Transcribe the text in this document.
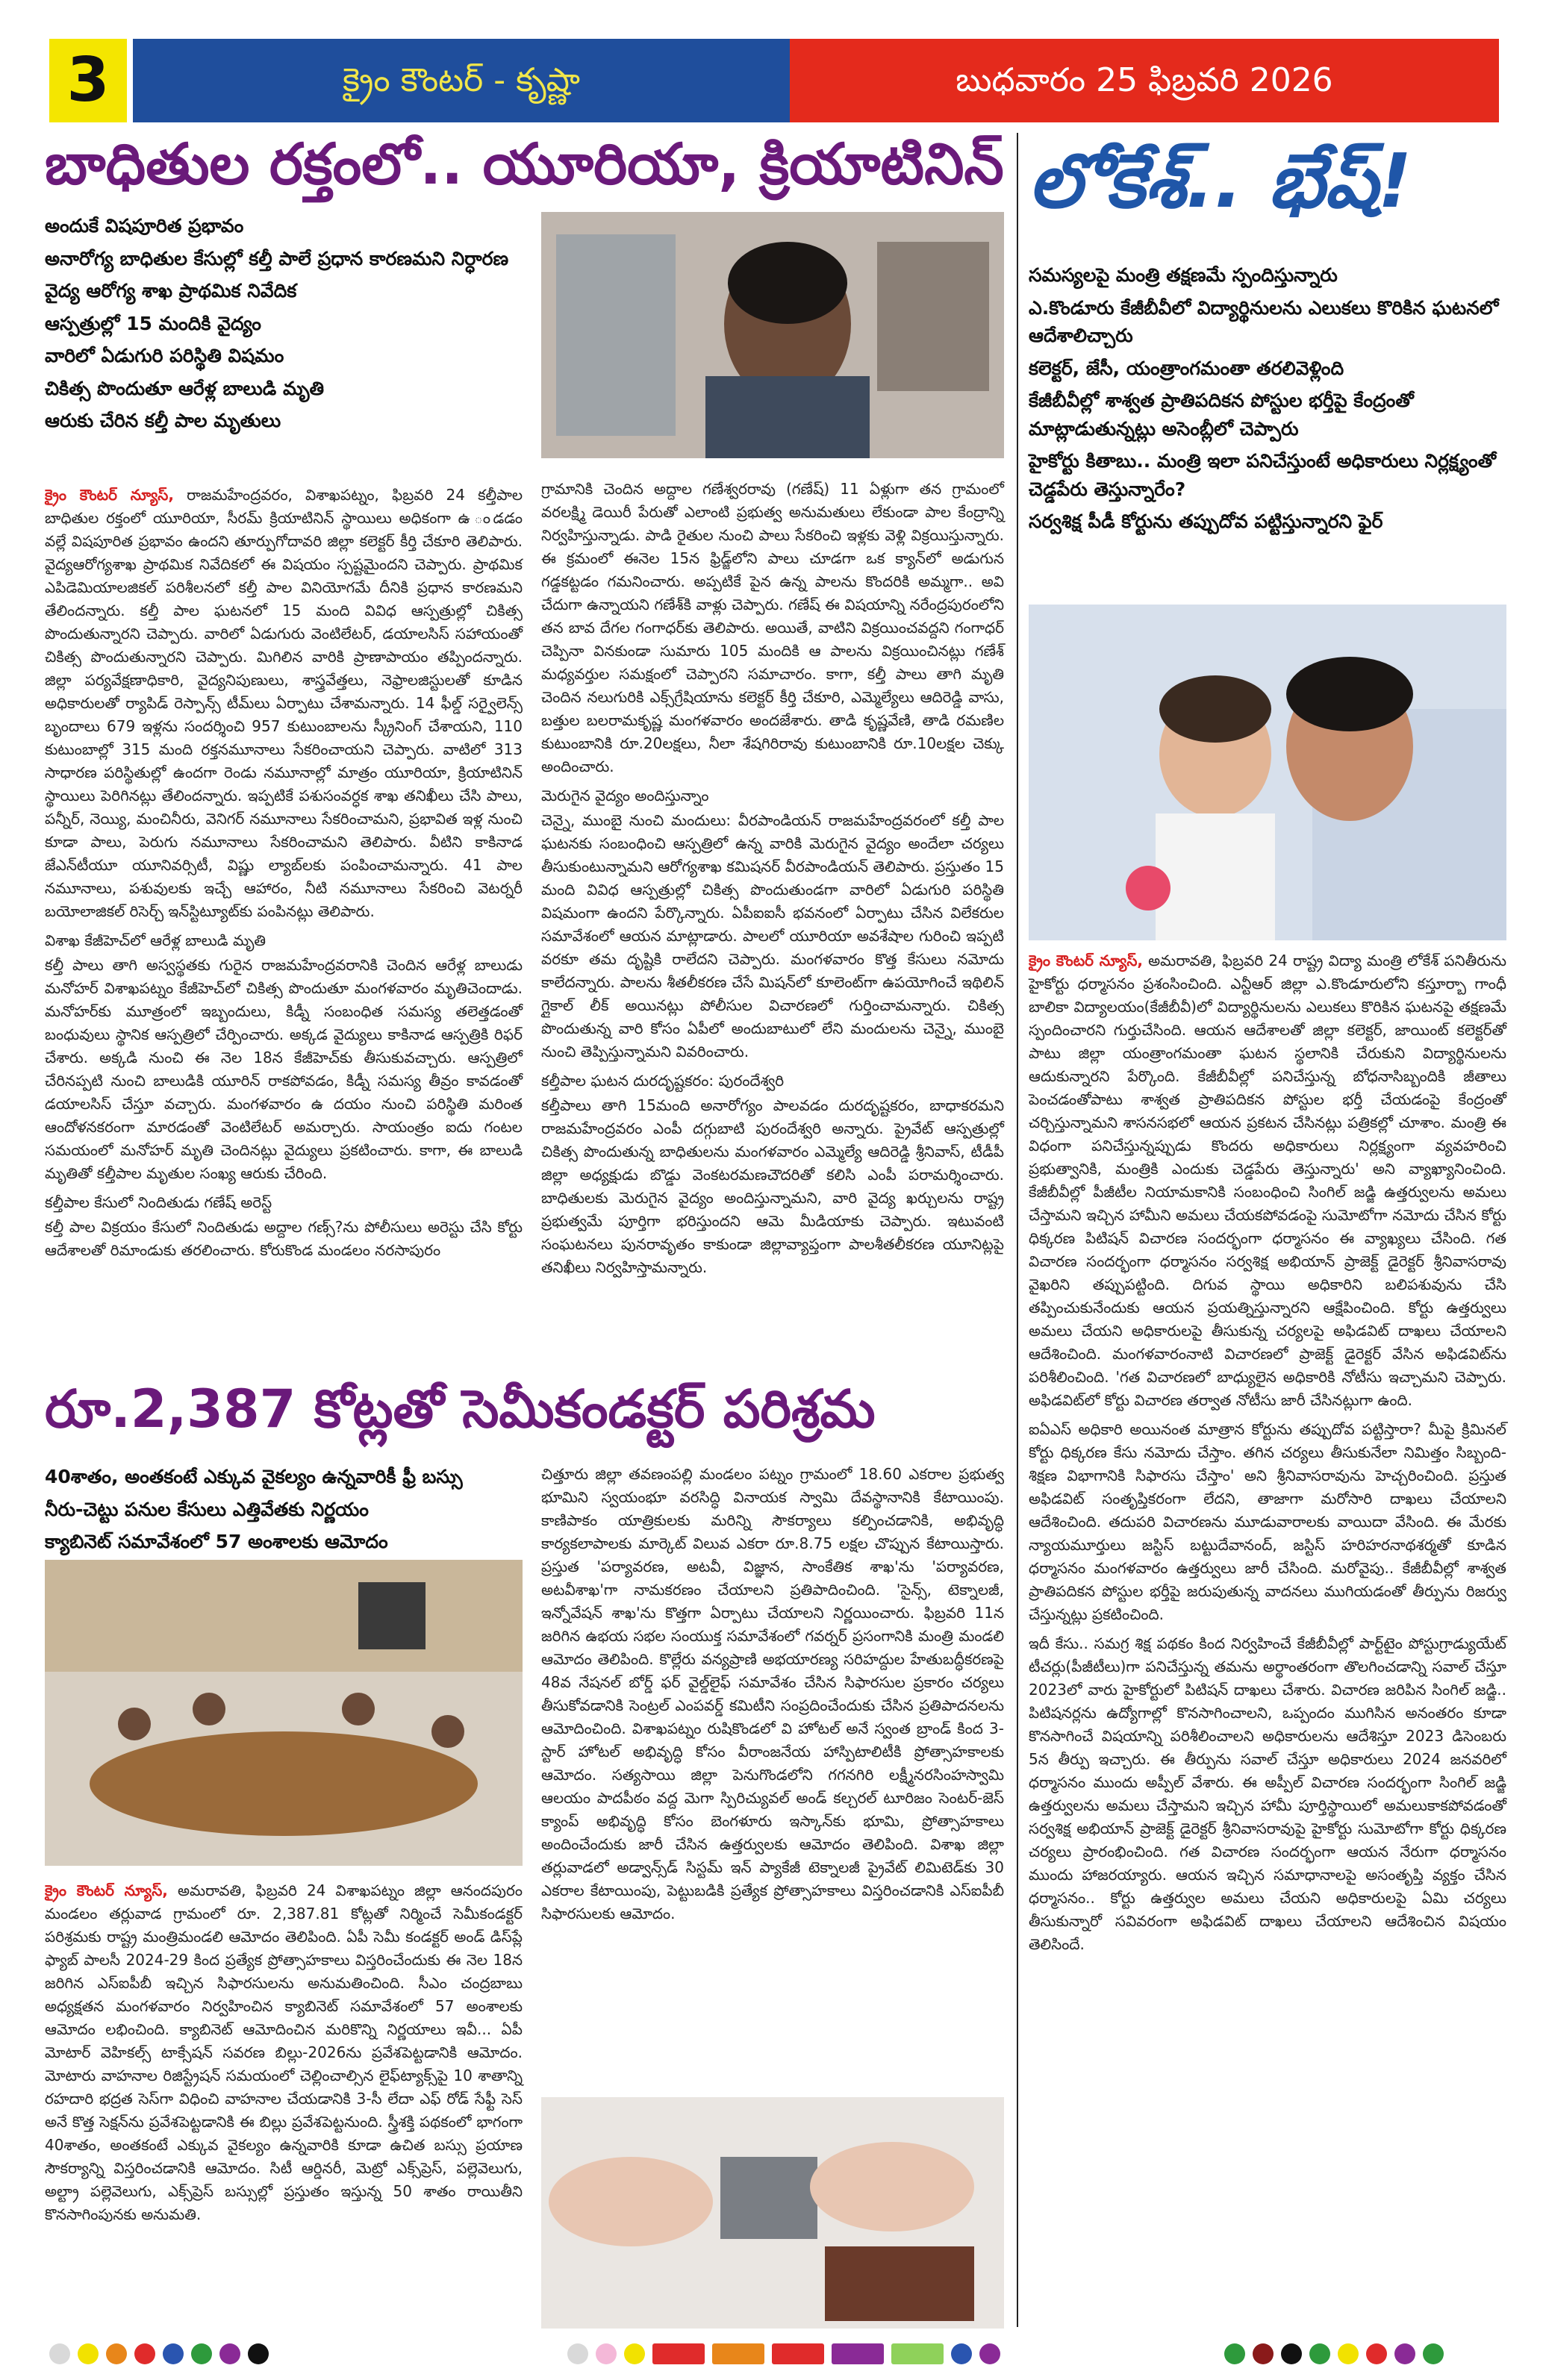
3	క్రైం కౌంటర్ - కృష్ణా	బుధవారం 25 ఫిబ్రవరి 2026
బాధితుల రక్తంలో.. యూరియా, క్రియాటినిన్
అందుకే విషపూరిత ప్రభావం
అనారోగ్య బాధితుల కేసుల్లో కల్తీ పాలే ప్రధాన కారణమని నిర్ధారణ
వైద్య ఆరోగ్య శాఖ ప్రాథమిక నివేదిక
ఆస్పత్రుల్లో 15 మందికి వైద్యం
వారిలో ఏడుగురి పరిస్థితి విషమం
చికిత్స పొందుతూ ఆరేళ్ల బాలుడి మృతి
ఆరుకు చేరిన కల్తీ పాల మృతులు

క్రైం కౌంటర్ న్యూస్, రాజమహేంద్రవరం, విశాఖపట్నం, ఫిబ్రవరి 24 కల్తీపాల బాధితుల రక్తంలో యూరియా, సీరమ్ క్రియాటినిన్ స్థాయిలు అధికంగా ఉ ండడం వల్లే విషపూరిత ప్రభావం ఉందని తూర్పుగోదావరి జిల్లా కలెక్టర్ కీర్తి చేకూరి తెలిపారు. వైద్యఆరోగ్యశాఖ ప్రాథమిక నివేదికలో ఈ విషయం స్పష్టమైందని చెప్పారు. ప్రాథమిక ఎపిడెమియాలజికల్ పరిశీలనలో కల్తీ పాల వినియోగమే దీనికి ప్రధాన కారణమని తేలిందన్నారు. కల్తీ పాల ఘటనలో 15 మంది వివిధ ఆస్పత్రుల్లో చికిత్స పొందుతున్నారని చెప్పారు. వారిలో ఏడుగురు వెంటిలేటర్, డయాలసిస్ సహాయంతో చికిత్స పొందుతున్నారని చెప్పారు. మిగిలిన వారికి ప్రాణాపాయం తప్పిందన్నారు. జిల్లా పర్యవేక్షణాధికారి, వైద్యనిపుణులు, శాస్త్రవేత్తలు, నెఫ్రాలజిస్టులతో కూడిన అధికారులతో ర్యాపిడ్ రెస్పాన్స్ టీమ్‌లు ఏర్పాటు చేశామన్నారు. 14 ఫీల్డ్ సర్వైలెన్స్ బృందాలు 679 ఇళ్లను సందర్శించి 957 కుటుంబాలను స్క్రీనింగ్ చేశాయని, 110 కుటుంబాల్లో 315 మంది రక్తనమూనాలు సేకరించాయని చెప్పారు. వాటిలో 313 సాధారణ పరిస్థితుల్లో ఉందగా రెండు నమూనాల్లో మాత్రం యూరియా, క్రియాటినిన్ స్థాయిలు పెరిగినట్లు తేలిందన్నారు. ఇప్పటికే పశుసంవర్ధక శాఖ తనిఖీలు చేసి పాలు, పన్నీర్, నెయ్యి, మంచినీరు, వెనిగర్ నమూనాలు సేకరించామని, ప్రభావిత ఇళ్ల నుంచి కూడా పాలు, పెరుగు నమూనాలు సేకరించామని తెలిపారు. వీటిని కాకినాడ జేఎన్‌టీయూ యూనివర్సిటీ, విష్ణు ల్యాబ్‌లకు పంపించామన్నారు. 41 పాల నమూనాలు, పశువులకు ఇచ్చే ఆహారం, నీటి నమూనాలు సేకరించి వెటర్నరీ బయోలాజికల్ రిసెర్చ్ ఇన్‌స్టిట్యూట్‌కు పంపినట్లు తెలిపారు.

విశాఖ కేజీహెచ్‌లో ఆరేళ్ల బాలుడి మృతి

కల్తీ పాలు తాగి అస్వస్థతకు గురైన రాజమహేంద్రవరానికి చెందిన ఆరేళ్ల బాలుడు మనోహర్ విశాఖపట్నం కేజీహెచ్‌లో చికిత్స పొందుతూ మంగళవారం మృతిచెందాడు. మనోహర్‌కు మూత్రంలో ఇబ్బందులు, కిడ్నీ సంబంధిత సమస్య తలెత్తడంతో బంధువులు స్థానిక ఆస్పత్రిలో చేర్పించారు. అక్కడ వైద్యులు కాకినాడ ఆస్పత్రికి రిఫర్ చేశారు. అక్కడి నుంచి ఈ నెల 18న కేజీహెచ్‌కు తీసుకువచ్చారు. ఆస్పత్రిలో చేరినప్పటి నుంచి బాలుడికి యూరిన్ రాకపోవడం, కిడ్నీ సమస్య తీవ్రం కావడంతో డయాలసిస్ చేస్తూ వచ్చారు. మంగళవారం ఉ దయం నుంచి పరిస్థితి మరింత ఆందోళనకరంగా మారడంతో వెంటిలేటర్ అమర్చారు. సాయంత్రం ఐదు గంటల సమయంలో మనోహర్ మృతి చెందినట్లు వైద్యులు ప్రకటించారు. కాగా, ఈ బాలుడి మృతితో కల్తీపాల మృతుల సంఖ్య ఆరుకు చేరింది.

కల్తీపాల కేసులో నిందితుడు గణేష్ అరెస్ట్

కల్తీ పాల విక్రయం కేసులో నిందితుడు అద్దాల గణ్స్?ను పోలీసులు అరెస్టు చేసి కోర్టు ఆదేశాలతో రిమాండుకు తరలించారు. కోరుకొండ మండలం నరసాపురం

గ్రామానికి చెందిన అద్దాల గణేశ్వరరావు (గణేష్) 11 ఏళ్లుగా తన గ్రామంలో వరలక్ష్మి డెయిరీ పేరుతో ఎలాంటి ప్రభుత్వ అనుమతులు లేకుండా పాల కేంద్రాన్ని నిర్వహిస్తున్నాడు. పాడి రైతుల నుంచి పాలు సేకరించి ఇళ్లకు వెళ్లి విక్రయిస్తున్నారు. ఈ క్రమంలో ఈనెల 15న ఫ్రిడ్జ్‌లోని పాలు చూడగా ఒక క్యాన్‌లో అడుగున గడ్డకట్టడం గమనించారు. అప్పటికే పైన ఉన్న పాలను కొందరికి అమ్మగా.. అవి చేదుగా ఉన్నాయని గణేశ్‌కి వాళ్లు చెప్పారు. గణేష్ ఈ విషయాన్ని నరేంద్రపురంలోని తన బావ దేగల గంగాధర్‌కు తెలిపారు. అయితే, వాటిని విక్రయించవద్దని గంగాధర్ చెప్పినా వినకుండా సుమారు 105 మందికి ఆ పాలను విక్రయించినట్లు గణేశ్ మధ్యవర్తుల సమక్షంలో చెప్పారని సమాచారం. కాగా, కల్తీ పాలు తాగి మృతి చెందిన నలుగురికి ఎక్స్‌గ్రేషియాను కలెక్టర్ కీర్తి చేకూరి, ఎమ్మెల్యేలు ఆదిరెడ్డి వాసు, బత్తుల బలరామకృష్ణ మంగళవారం అందజేశారు. తాడి కృష్ణవేణి, తాడి రమణిల కుటుంబానికి రూ.20లక్షలు, నీలా శేషగిరిరావు కుటుంబానికి రూ.10లక్షల చెక్కు అందించారు.

మెరుగైన వైద్యం అందిస్తున్నాం

చెన్నై, ముంబై నుంచి మందులు: వీరపాండియన్ రాజమహేంద్రవరంలో కల్తీ పాల ఘటనకు సంబంధించి ఆస్పత్రిలో ఉన్న వారికి మెరుగైన వైద్యం అందేలా చర్యలు తీసుకుంటున్నామని ఆరోగ్యశాఖ కమిషనర్ వీరపాండియన్ తెలిపారు. ప్రస్తుతం 15 మంది వివిధ ఆస్పత్రుల్లో చికిత్స పొందుతుండగా వారిలో ఏడుగురి పరిస్థితి విషమంగా ఉందని పేర్కొన్నారు. ఏపీఐఐసీ భవనంలో ఏర్పాటు చేసిన విలేకరుల సమావేశంలో ఆయన మాట్లాడారు. పాలలో యూరియా అవశేషాల గురించి ఇప్పటి వరకూ తమ దృష్టికి రాలేదని చెప్పారు. మంగళవారం కొత్త కేసులు నమోదు కాలేదన్నారు. పాలను శీతలీకరణ చేసే మిషన్‌లో కూలెంట్‌గా ఉపయోగించే ఇథిలిన్ గ్లైకాల్ లీక్ అయినట్లు పోలీసుల విచారణలో గుర్తించామన్నారు. చికిత్స పొందుతున్న వారి కోసం ఏపీలో అందుబాటులో లేని మందులను చెన్నై, ముంబై నుంచి తెప్పిస్తున్నామని వివరించారు.

కల్తీపాల ఘటన దురదృష్టకరం: పురందేశ్వరి

కల్తీపాలు తాగి 15మంది అనారోగ్యం పాలవడం దురదృష్టకరం, బాధాకరమని రాజమహేంద్రవరం ఎంపీ దగ్గుబాటి పురందేశ్వరి అన్నారు. ప్రైవేట్ ఆస్పత్రుల్లో చికిత్స పొందుతున్న బాధితులను మంగళవారం ఎమ్మెల్యే ఆదిరెడ్డి శ్రీనివాస్, టీడీపీ జిల్లా అధ్యక్షుడు బొడ్డు వెంకటరమణచౌదరితో కలిసి ఎంపీ పరామర్శించారు. బాధితులకు మెరుగైన వైద్యం అందిస్తున్నామని, వారి వైద్య ఖర్చులను రాష్ట్ర ప్రభుత్వమే పూర్తిగా భరిస్తుందని ఆమె మీడియాకు చెప్పారు. ఇటువంటి సంఘటనలు పునరావృతం కాకుండా జిల్లావ్యాప్తంగా పాలశీతలీకరణ యూనిట్లపై తనిఖీలు నిర్వహిస్తామన్నారు.

రూ.2,387 కోట్లతో సెమీకండక్టర్ పరిశ్రమ
40శాతం, అంతకంటే ఎక్కువ వైకల్యం ఉన్నవారికీ ఫ్రీ బస్సు
నీరు-చెట్టు పనుల కేసులు ఎత్తివేతకు నిర్ణయం
క్యాబినెట్ సమావేశంలో 57 అంశాలకు ఆమోదం

క్రైం కౌంటర్ న్యూస్, అమరావతి, ఫిబ్రవరి 24 విశాఖపట్నం జిల్లా ఆనందపురం మండలం తర్లువాడ గ్రామంలో రూ. 2,387.81 కోట్లతో నిర్మించే సెమీకండక్టర్ పరిశ్రమకు రాష్ట్ర మంత్రిమండలి ఆమోదం తెలిపింది. ఏపీ సెమీ కండక్టర్ అండ్ డిస్‌ప్లే ఫ్యాబ్ పాలసీ 2024-29 కింద ప్రత్యేక ప్రోత్సాహకాలు విస్తరించేందుకు ఈ నెల 18న జరిగిన ఎస్ఐపీబీ ఇచ్చిన సిఫారసులను అనుమతించింది. సీఎం చంద్రబాబు అధ్యక్షతన మంగళవారం నిర్వహించిన క్యాబినెట్ సమావేశంలో 57 అంశాలకు ఆమోదం లభించింది. క్యాబినెట్ ఆమోదించిన మరికొన్ని నిర్ణయాలు ఇవీ... ఏపీ మోటార్ వెహికల్స్ టాక్సేషన్ సవరణ బిల్లు-2026ను ప్రవేశపెట్టడానికి ఆమోదం. మోటారు వాహనాల రిజిస్ట్రేషన్ సమయంలో చెల్లించాల్సిన లైఫ్‌ట్యాక్స్‌పై 10 శాతాన్ని రహదారి భద్రత సెస్‌గా విధించి వాహనాల చేయడానికి 3-సీ లేదా ఎఫ్ రోడ్ సేఫ్టీ సెస్ అనే కొత్త సెక్షన్‌ను ప్రవేశపెట్టడానికి ఈ బిల్లు ప్రవేశపెట్టనుంది. స్త్రీశక్తి పథకంలో భాగంగా 40శాతం, అంతకంటే ఎక్కువ వైకల్యం ఉన్నవారికి కూడా ఉచిత బస్సు ప్రయాణ సౌకర్యాన్ని విస్తరించడానికి ఆమోదం. సిటీ ఆర్డినరీ, మెట్రో ఎక్స్‌ప్రెస్, పల్లెవెలుగు, అల్ట్రా పల్లెవెలుగు, ఎక్స్‌ప్రెస్ బస్సుల్లో ప్రస్తుతం ఇస్తున్న 50 శాతం రాయితీని కొనసాగింపునకు అనుమతి.

చిత్తూరు జిల్లా తవణంపల్లి మండలం పట్నం గ్రామంలో 18.60 ఎకరాల ప్రభుత్వ భూమిని స్వయంభూ వరసిద్ధి వినాయక స్వామి దేవస్థానానికి కేటాయింపు. కాణిపాకం యాత్రికులకు మరిన్ని సౌకర్యాలు కల్పించడానికి, అభివృద్ధి కార్యకలాపాలకు మార్కెట్ విలువ ఎకరా రూ.8.75 లక్షల చొప్పున కేటాయిస్తారు. ప్రస్తుత 'పర్యావరణ, అటవీ, విజ్ఞాన, సాంకేతిక శాఖ'ను 'పర్యావరణ, అటవీశాఖ'గా నామకరణం చేయాలని ప్రతిపాదించింది. 'సైన్స్, టెక్నాలజీ, ఇన్నోవేషన్ శాఖ'ను కొత్తగా ఏర్పాటు చేయాలని నిర్ణయించారు. ఫిబ్రవరి 11న జరిగిన ఉభయ సభల సంయుక్త సమావేశంలో గవర్నర్ ప్రసంగానికి మంత్రి మండలి ఆమోదం తెలిపింది. కొల్లేరు వన్యప్రాణి అభయారణ్య సరిహద్దుల హేతుబద్ధీకరణపై 48వ నేషనల్ బోర్డ్ ఫర్ వైల్డ్‌లైఫ్ సమావేశం చేసిన సిఫారసుల ప్రకారం చర్యలు తీసుకోవడానికి సెంట్రల్ ఎంపవర్డ్ కమిటీని సంప్రదించేందుకు చేసిన ప్రతిపాదనలను ఆమోదించింది. విశాఖపట్నం రుషికొండలో వి హోటల్ అనే స్వంత బ్రాండ్ కింద 3-స్టార్ హోటల్ అభివృద్ధి కోసం వీరాంజనేయ హాస్పిటాలిటీకి ప్రోత్సాహకాలకు ఆమోదం. సత్యసాయి జిల్లా పెనుగొండలోని గగనగిరి లక్ష్మీనరసింహస్వామి ఆలయం పాదపీఠం వద్ద మెగా స్పిరిచ్యువల్ అండ్ కల్చరల్ టూరిజం సెంటర్-జెస్ క్యాంప్ అభివృద్ధి కోసం బెంగళూరు ఇస్కాన్‌కు భూమి, ప్రోత్సాహకాలు అందించేందుకు జారీ చేసిన ఉత్తర్వులకు ఆమోదం తెలిపింది. విశాఖ జిల్లా తర్లువాడలో అడ్వాన్స్‌డ్ సిస్టమ్ ఇన్ ప్యాకేజీ టెక్నాలజీ ప్రైవేట్ లిమిటెడ్‌కు 30 ఎకరాల కేటాయింపు, పెట్టుబడికి ప్రత్యేక ప్రోత్సాహకాలు విస్తరించడానికి ఎస్ఐపీబీ సిఫారసులకు ఆమోదం.

లోకేశ్.. భేష్!
సమస్యలపై మంత్రి తక్షణమే స్పందిస్తున్నారు
ఎ.కొండూరు కేజీబీవీలో విద్యార్థినులను ఎలుకలు కొరికిన ఘటనలో ఆదేశాలిచ్చారు
కలెక్టర్, జేసీ, యంత్రాంగమంతా తరలివెళ్లింది
కేజీబీవీల్లో శాశ్వత ప్రాతిపదికన పోస్టుల భర్తీపై కేంద్రంతో మాట్లాడుతున్నట్లు అసెంబ్లీలో చెప్పారు
హైకోర్టు కితాబు.. మంత్రి ఇలా పనిచేస్తుంటే అధికారులు నిర్లక్ష్యంతో చెడ్డపేరు తెస్తున్నారేం?
సర్వశిక్ష పీడీ కోర్టును తప్పుదోవ పట్టిస్తున్నారని ఫైర్

క్రైం కౌంటర్ న్యూస్, అమరావతి, ఫిబ్రవరి 24 రాష్ట్ర విద్యా మంత్రి లోకేశ్ పనితీరును హైకోర్టు ధర్మాసనం ప్రశంసించింది. ఎన్టీఆర్ జిల్లా ఎ.కొండూరులోని కస్తూర్బా గాంధీ బాలికా విద్యాలయం(కేజీబీవీ)లో విద్యార్థినులను ఎలుకలు కొరికిన ఘటనపై తక్షణమే స్పందించారని గుర్తుచేసింది. ఆయన ఆదేశాలతో జిల్లా కలెక్టర్, జాయింట్ కలెక్టర్‌తో పాటు జిల్లా యంత్రాంగమంతా ఘటన స్థలానికి చేరుకుని విద్యార్థినులను ఆదుకున్నారని పేర్కొంది. కేజీబీవీల్లో పనిచేస్తున్న బోధనాసిబ్బందికి జీతాలు పెంచడంతోపాటు శాశ్వత ప్రాతిపదికన పోస్టుల భర్తీ చేయడంపై కేంద్రంతో చర్చిస్తున్నామని శాసనసభలో ఆయన ప్రకటన చేసినట్లు పత్రికల్లో చూశాం. మంత్రి ఈ విధంగా పనిచేస్తున్నప్పుడు కొందరు అధికారులు నిర్లక్ష్యంగా వ్యవహరించి ప్రభుత్వానికి, మంత్రికి ఎందుకు చెడ్డపేరు తెస్తున్నారు' అని వ్యాఖ్యానించింది. కేజీబీవీల్లో పీజీటీల నియామకానికి సంబంధించి సింగిల్ జడ్జి ఉత్తర్వులను అమలు చేస్తామని ఇచ్చిన హామీని అమలు చేయకపోవడంపై సుమోటోగా నమోదు చేసిన కోర్టు ధిక్కరణ పిటిషన్ విచారణ సందర్భంగా ధర్మాసనం ఈ వ్యాఖ్యలు చేసింది. గత విచారణ సందర్భంగా ధర్మాసనం సర్వశిక్ష అభియాన్ ప్రాజెక్ట్ డైరెక్టర్ శ్రీనివాసరావు వైఖరిని తప్పుపట్టింది. దిగువ స్థాయి అధికారిని బలిపశువును చేసి తప్పించుకునేందుకు ఆయన ప్రయత్నిస్తున్నారని ఆక్షేపించింది. కోర్టు ఉత్తర్వులు అమలు చేయని అధికారులపై తీసుకున్న చర్యలపై అఫిడవిట్ దాఖలు చేయాలని ఆదేశించింది. మంగళవారంనాటి విచారణలో ప్రాజెక్ట్ డైరెక్టర్ వేసిన అఫిడవిట్‌ను పరిశీలించింది. 'గత విచారణలో బాధ్యులైన అధికారికి నోటీసు ఇచ్చామని చెప్పారు. అఫిడవిట్‌లో కోర్టు విచారణ తర్వాత నోటీసు జారీ చేసినట్లుగా ఉంది.

ఐఏఎస్ అధికారి అయినంత మాత్రాన కోర్టును తప్పుదోవ పట్టిస్తారా? మీపై క్రిమినల్ కోర్టు ధిక్కరణ కేసు నమోదు చేస్తాం. తగిన చర్యలు తీసుకునేలా నిమిత్తం సిబ్బంది-శిక్షణ విభాగానికి సిఫారసు చేస్తాం' అని శ్రీనివాసరావును హెచ్చరించింది. ప్రస్తుత అఫిడవిట్ సంతృప్తికరంగా లేదని, తాజాగా మరోసారి దాఖలు చేయాలని ఆదేశించింది. తదుపరి విచారణను మూడువారాలకు వాయిదా వేసింది. ఈ మేరకు న్యాయమూర్తులు జస్టిస్ బట్టుదేవానంద్, జస్టిస్ హరిహరనాథశర్మతో కూడిన ధర్మాసనం మంగళవారం ఉత్తర్వులు జారీ చేసింది. మరోవైపు.. కేజీబీవీల్లో శాశ్వత ప్రాతిపదికన పోస్టుల భర్తీపై జరుపుతున్న వాదనలు ముగియడంతో తీర్పును రిజర్వు చేస్తున్నట్లు ప్రకటించింది.

ఇదీ కేసు.. సమగ్ర శిక్ష పథకం కింద నిర్వహించే కేజీబీవీల్లో పార్ట్‌టైం పోస్టుగ్రాడ్యుయేట్ టీచర్లు(పీజీటీలు)గా పనిచేస్తున్న తమను అర్థాంతరంగా తొలగించడాన్ని సవాల్ చేస్తూ 2023లో వారు హైకోర్టులో పిటిషన్ దాఖలు చేశారు. విచారణ జరిపిన సింగిల్ జడ్జి.. పిటిషనర్లను ఉద్యోగాల్లో కొనసాగించాలని, ఒప్పందం ముగిసిన అనంతరం కూడా కొనసాగించే విషయాన్ని పరిశీలించాలని అధికారులను ఆదేశిస్తూ 2023 డిసెంబరు 5న తీర్పు ఇచ్చారు. ఈ తీర్పును సవాల్ చేస్తూ అధికారులు 2024 జనవరిలో ధర్మాసనం ముందు అప్పీల్ వేశారు. ఈ అప్పీల్ విచారణ సందర్భంగా సింగిల్ జడ్జి ఉత్తర్వులను అమలు చేస్తామని ఇచ్చిన హామీ పూర్తిస్థాయిలో అమలుకాకపోవడంతో సర్వశిక్ష అభియాన్ ప్రాజెక్ట్ డైరెక్టర్ శ్రీనివాసరావుపై హైకోర్టు సుమోటోగా కోర్టు ధిక్కరణ చర్యలు ప్రారంభించింది. గత విచారణ సందర్భంగా ఆయన నేరుగా ధర్మాసనం ముందు హాజరయ్యారు. ఆయన ఇచ్చిన సమాధానాలపై అసంతృప్తి వ్యక్తం చేసిన ధర్మాసనం.. కోర్టు ఉత్తర్వుల అమలు చేయని అధికారులపై ఏమి చర్యలు తీసుకున్నారో సవివరంగా అఫిడవిట్ దాఖలు చేయాలని ఆదేశించిన విషయం తెలిసిందే.
